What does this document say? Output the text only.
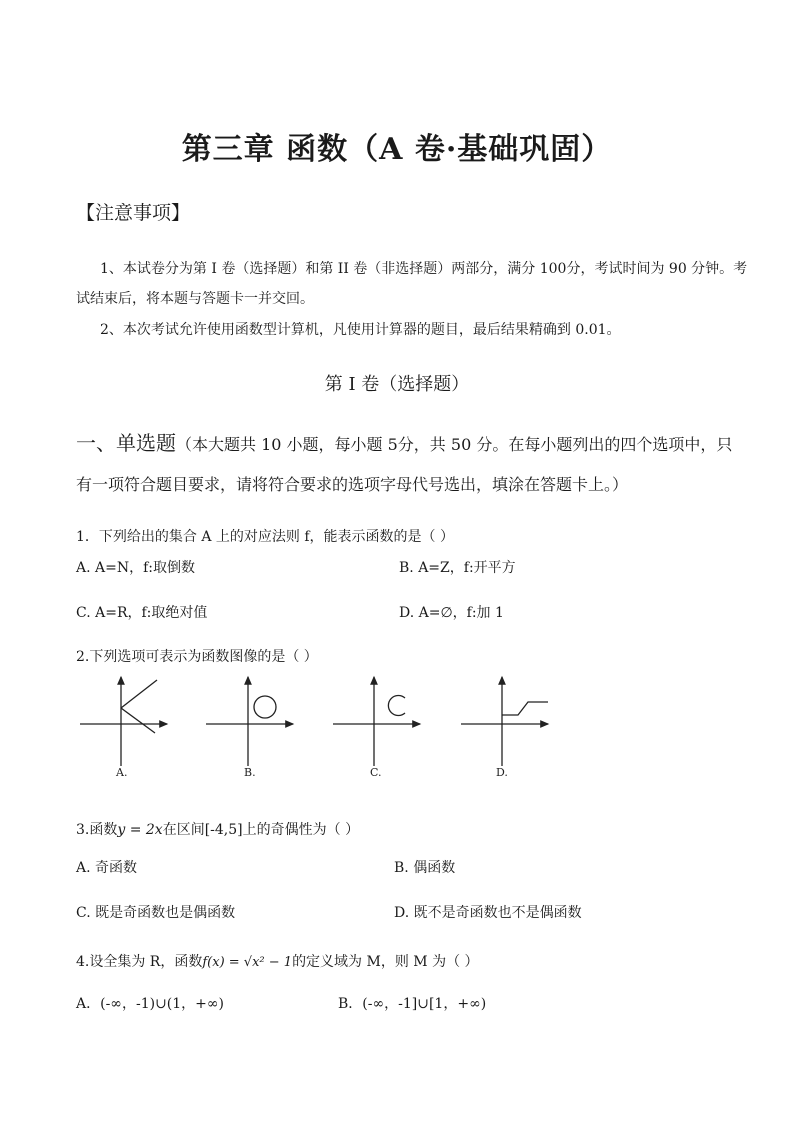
第三章 函数（A 卷·基础巩固）
【注意事项】
1、本试卷分为第 I 卷（选择题）和第 II 卷（非选择题）两部分，满分 100分，考试时间为 90 分钟。考
试结束后，将本题与答题卡一并交回。
2、本次考试允许使用函数型计算机，凡使用计算器的题目，最后结果精确到 0.01。
第 I 卷（选择题）
一、单选题（本大题共 10 小题，每小题 5分，共 50 分。在每小题列出的四个选项中，只
有一项符合题目要求，请将符合要求的选项字母代号选出，填涂在答题卡上。）
1．下列给出的集合 A 上的对应法则 f，能表示函数的是（ ）
A. A=N，f:取倒数	B. A=Z，f:开平方
C. A=R，f:取绝对值	D. A=∅，f:加 1
2.下列选项可表示为函数图像的是（ ）
A.	B.	C.	D.
3.函数y = 2x在区间[-4,5]上的奇偶性为（ ）
A. 奇函数	B. 偶函数
C. 既是奇函数也是偶函数	D. 既不是奇函数也不是偶函数
4.设全集为 R，函数f(x) = √x² − 1的定义域为 M，则 M 为（ ）
A．(-∞，-1)∪(1，+∞)	B．(-∞，-1]∪[1，+∞)
